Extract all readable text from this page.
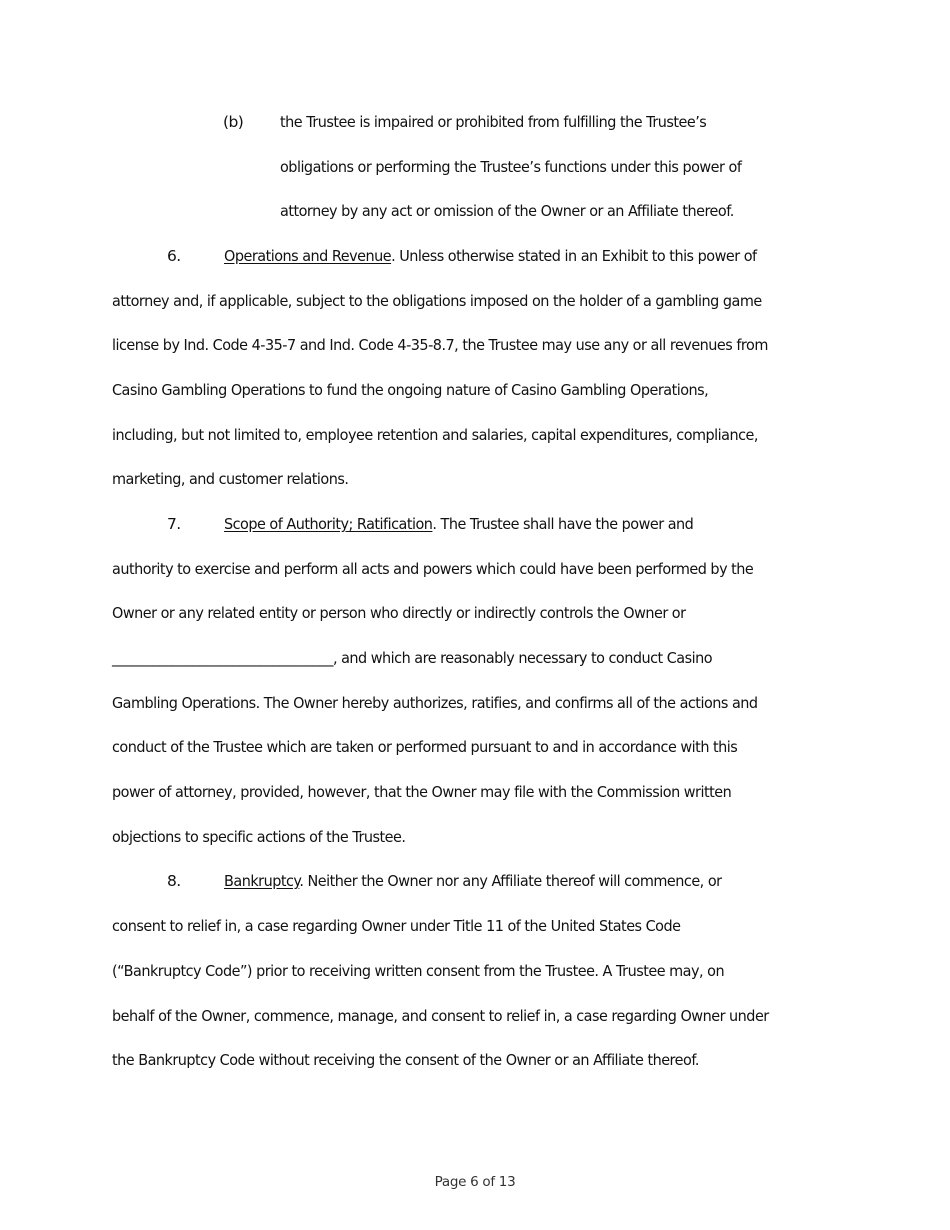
(b) the Trustee is impaired or prohibited from fulfilling the Trustee’s
obligations or performing the Trustee’s functions under this power of
attorney by any act or omission of the Owner or an Affiliate thereof.
6.	Operations and Revenue. Unless otherwise stated in an Exhibit to this power of
attorney and, if applicable, subject to the obligations imposed on the holder of a gambling game
license by Ind. Code 4-35-7 and Ind. Code 4-35-8.7, the Trustee may use any or all revenues from
Casino Gambling Operations to fund the ongoing nature of Casino Gambling Operations,
including, but not limited to, employee retention and salaries, capital expenditures, compliance,
marketing, and customer relations.
7.	Scope of Authority; Ratification. The Trustee shall have the power and
authority to exercise and perform all acts and powers which could have been performed by the
Owner or any related entity or person who directly or indirectly controls the Owner or
_________________________________, and which are reasonably necessary to conduct Casino
Gambling Operations. The Owner hereby authorizes, ratifies, and confirms all of the actions and
conduct of the Trustee which are taken or performed pursuant to and in accordance with this
power of attorney, provided, however, that the Owner may file with the Commission written
objections to specific actions of the Trustee.
8.	Bankruptcy. Neither the Owner nor any Affiliate thereof will commence, or
consent to relief in, a case regarding Owner under Title 11 of the United States Code
(“Bankruptcy Code”) prior to receiving written consent from the Trustee. A Trustee may, on
behalf of the Owner, commence, manage, and consent to relief in, a case regarding Owner under
the Bankruptcy Code without receiving the consent of the Owner or an Affiliate thereof.
Page 6 of 13
